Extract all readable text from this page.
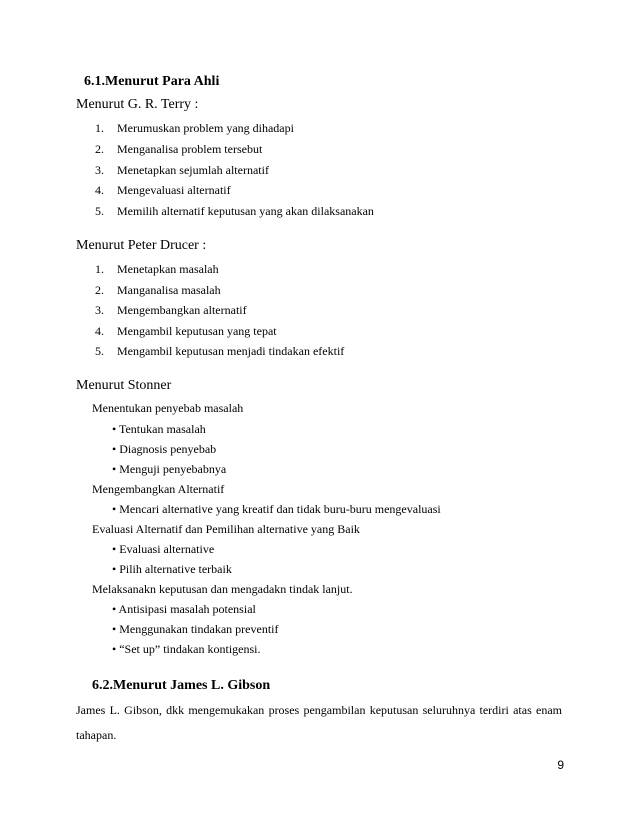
6.1.Menurut Para Ahli
Menurut G. R. Terry :
1. Merumuskan problem yang dihadapi
2. Menganalisa problem tersebut
3. Menetapkan sejumlah alternatif
4. Mengevaluasi alternatif
5. Memilih alternatif keputusan yang akan dilaksanakan
Menurut Peter Drucer :
1. Menetapkan masalah
2. Manganalisa masalah
3. Mengembangkan alternatif
4. Mengambil keputusan yang tepat
5. Mengambil keputusan menjadi tindakan efektif
Menurut Stonner
Menentukan penyebab masalah
• Tentukan masalah
• Diagnosis penyebab
• Menguji penyebabnya
Mengembangkan Alternatif
• Mencari alternative yang kreatif dan tidak buru-buru mengevaluasi
Evaluasi Alternatif dan Pemilihan alternative yang Baik
• Evaluasi alternative
• Pilih alternative terbaik
Melaksanakn keputusan dan mengadakn tindak lanjut.
• Antisipasi masalah potensial
• Menggunakan tindakan preventif
• “Set up” tindakan kontigensi.
6.2.Menurut James L. Gibson
James L. Gibson, dkk mengemukakan proses pengambilan keputusan seluruhnya terdiri atas enam
tahapan.
9
